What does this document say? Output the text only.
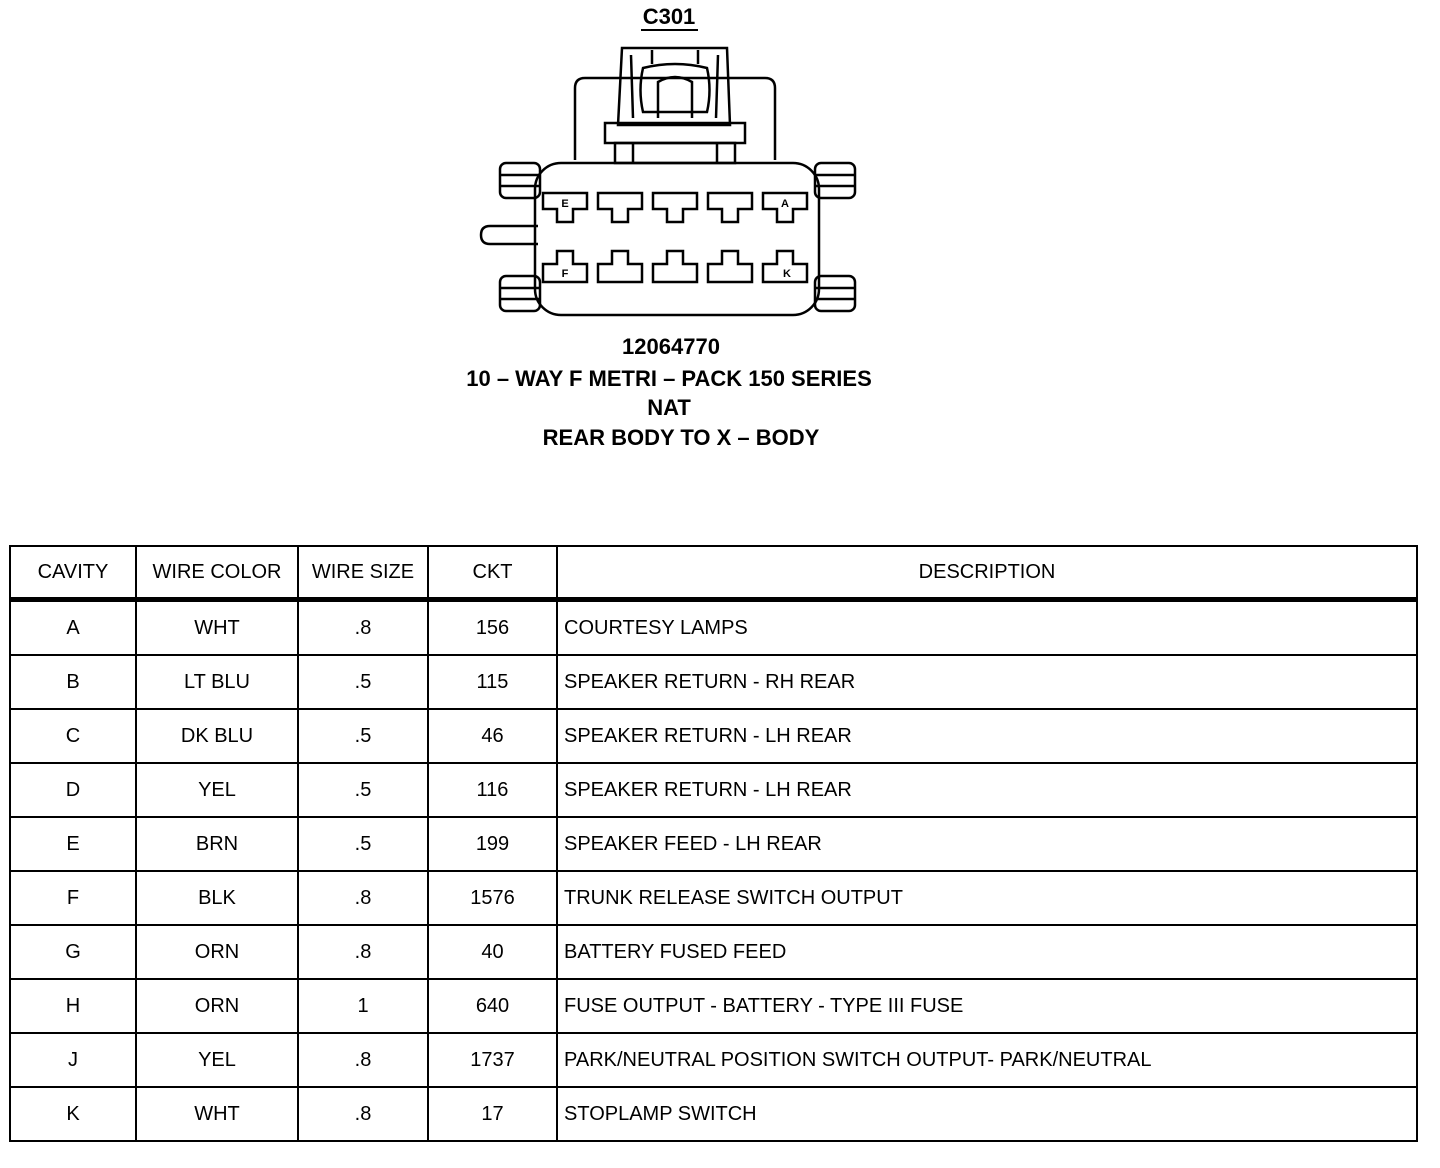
C301
E	A
F	K
12064770
10 – WAY F METRI – PACK 150 SERIES
NAT
REAR BODY TO X – BODY
CAVITY	WIRE COLOR	WIRE SIZE	CKT	DESCRIPTION
A	WHT	.8	156	COURTESY LAMPS
B	LT BLU	.5	115	SPEAKER RETURN - RH REAR
C	DK BLU	.5	46	SPEAKER RETURN - LH REAR
D	YEL	.5	116	SPEAKER RETURN - LH REAR
E	BRN	.5	199	SPEAKER FEED - LH REAR
F	BLK	.8	1576	TRUNK RELEASE SWITCH OUTPUT
G	ORN	.8	40	BATTERY FUSED FEED
H	ORN	1	640	FUSE OUTPUT - BATTERY - TYPE III FUSE
J	YEL	.8	1737	PARK/NEUTRAL POSITION SWITCH OUTPUT- PARK/NEUTRAL
K	WHT	.8	17	STOPLAMP SWITCH
